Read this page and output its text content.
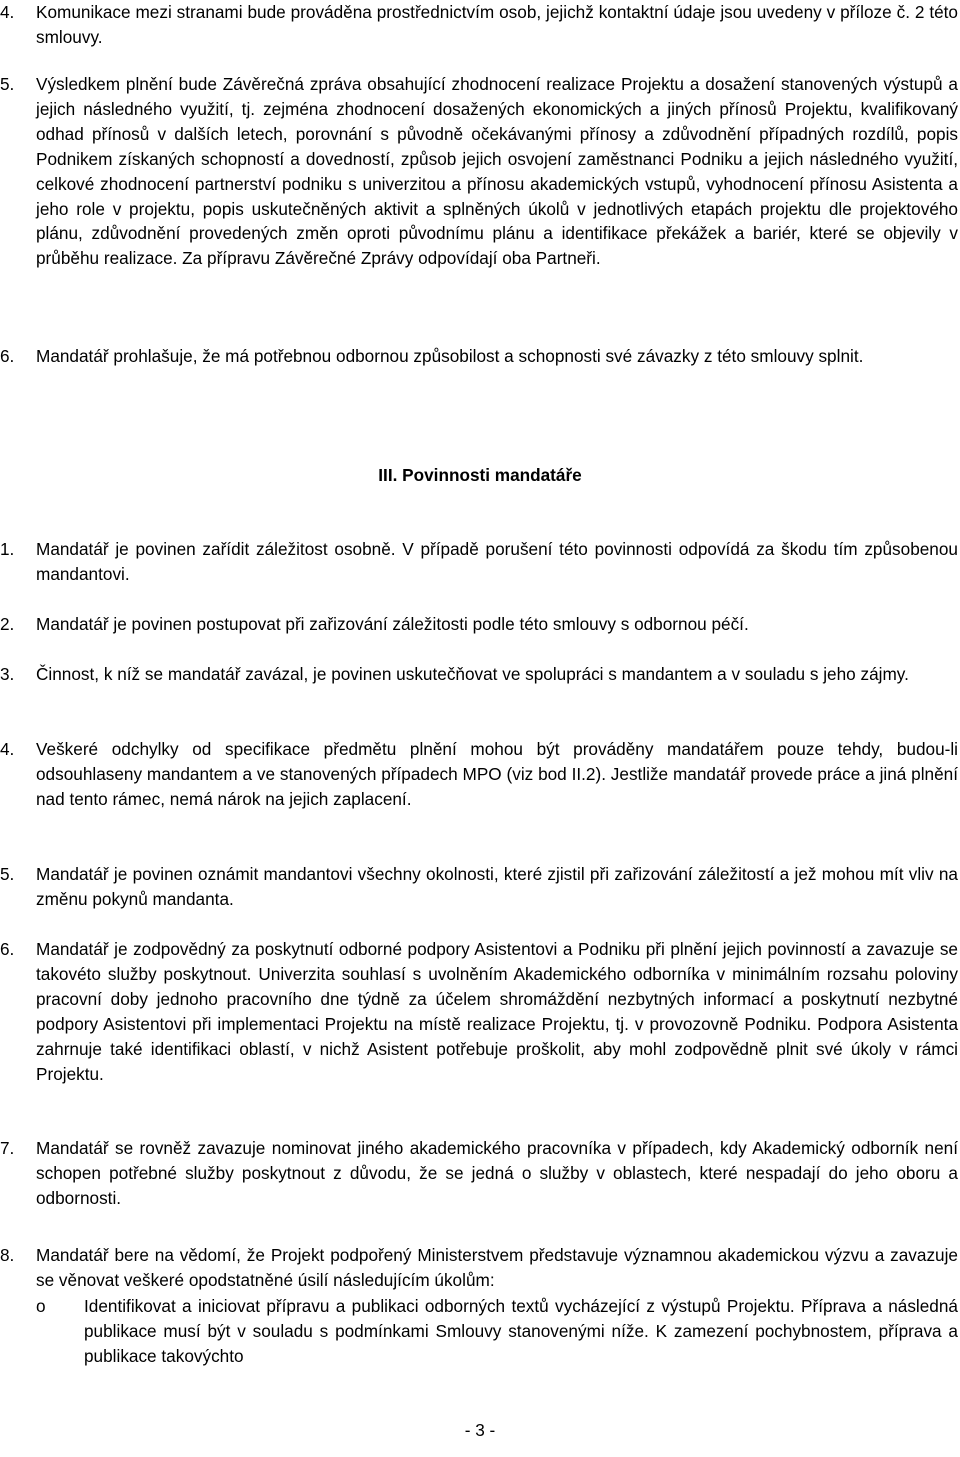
4. Komunikace mezi stranami bude prováděna prostřednictvím osob, jejichž kontaktní údaje jsou uvedeny v příloze č. 2 této smlouvy.
5. Výsledkem plnění bude Závěrečná zpráva obsahující zhodnocení realizace Projektu a dosažení stanovených výstupů a jejich následného využití, tj. zejména zhodnocení dosažených ekonomických a jiných přínosů Projektu, kvalifikovaný odhad přínosů v dalších letech, porovnání s původně očekávanými přínosy a zdůvodnění případných rozdílů, popis Podnikem získaných schopností a dovedností, způsob jejich osvojení zaměstnanci Podniku a jejich následného využití, celkové zhodnocení partnerství podniku s univerzitou a přínosu akademických vstupů, vyhodnocení přínosu Asistenta a jeho role v projektu, popis uskutečněných aktivit a splněných úkolů v jednotlivých etapách projektu dle projektového plánu, zdůvodnění provedených změn oproti původnímu plánu a identifikace překážek a bariér, které se objevily v průběhu realizace. Za přípravu Závěrečné Zprávy odpovídají oba Partneři.
6. Mandatář prohlašuje, že má potřebnou odbornou způsobilost a schopnosti své závazky z této smlouvy splnit.
III. Povinnosti mandatáře
1. Mandatář je povinen zařídit záležitost osobně. V případě porušení této povinnosti odpovídá za škodu tím způsobenou mandantovi.
2. Mandatář je povinen postupovat při zařizování záležitosti podle této smlouvy s odbornou péčí.
3. Činnost, k níž se mandatář zavázal, je povinen uskutečňovat ve spolupráci s mandantem a v souladu s jeho zájmy.
4. Veškeré odchylky od specifikace předmětu plnění mohou být prováděny mandatářem pouze tehdy, budou-li odsouhlaseny mandantem a ve stanovených případech MPO (viz bod II.2). Jestliže mandatář provede práce a jiná plnění nad tento rámec, nemá nárok na jejich zaplacení.
5. Mandatář je povinen oznámit mandantovi všechny okolnosti, které zjistil při zařizování záležitostí a jež mohou mít vliv na změnu pokynů mandanta.
6. Mandatář je zodpovědný za poskytnutí odborné podpory Asistentovi a Podniku při plnění jejich povinností a zavazuje se takovéto služby poskytnout. Univerzita souhlasí s uvolněním Akademického odborníka v minimálním rozsahu poloviny pracovní doby jednoho pracovního dne týdně za účelem shromáždění nezbytných informací a poskytnutí nezbytné podpory Asistentovi při implementaci Projektu na místě realizace Projektu, tj. v provozovně Podniku. Podpora Asistenta zahrnuje také identifikaci oblastí, v nichž Asistent potřebuje proškolit, aby mohl zodpovědně plnit své úkoly v rámci Projektu.
7. Mandatář se rovněž zavazuje nominovat jiného akademického pracovníka v případech, kdy Akademický odborník není schopen potřebné služby poskytnout z důvodu, že se jedná o služby v oblastech, které nespadají do jeho oboru a odbornosti.
8. Mandatář bere na vědomí, že Projekt podpořený Ministerstvem představuje významnou akademickou výzvu a zavazuje se věnovat veškeré opodstatněné úsilí následujícím úkolům:
o Identifikovat a iniciovat přípravu a publikaci odborných textů vycházející z výstupů Projektu. Příprava a následná publikace musí být v souladu s podmínkami Smlouvy stanovenými níže. K zamezení pochybnostem, příprava a publikace takovýchto
- 3 -
